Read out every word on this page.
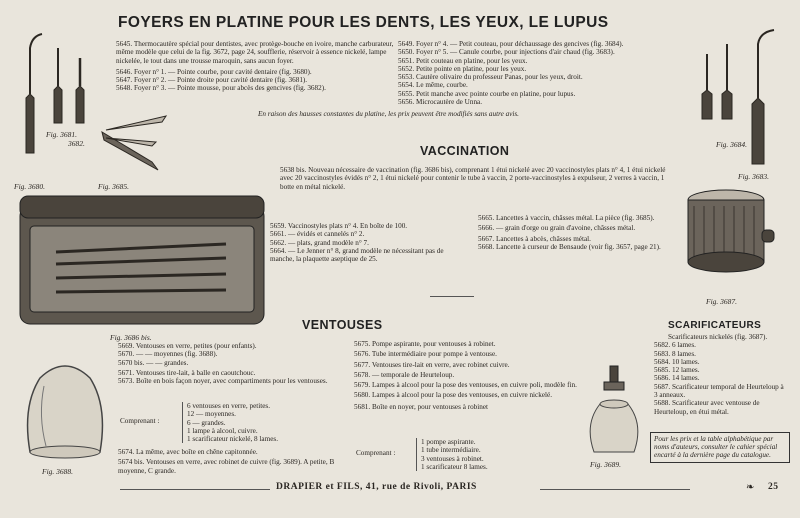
FOYERS EN PLATINE POUR LES DENTS, LES YEUX, LE LUPUS
Fig. 3681.
3682.
Fig. 3680.	Fig. 3685.

5645. Thermocautère spécial pour dentistes, avec protège-bouche en ivoire, manche carburateur, même modèle que celui de la fig. 3672, page 24, soufflerie, réservoir à essence nickelé, lampe nickelée, le tout dans une trousse maroquin, sans aucun foyer.

5646. Foyer n° 1. — Pointe courbe, pour cavité dentaire (fig. 3680).

5647. Foyer n° 2. — Pointe droite pour cavité dentaire (fig. 3681).

5648. Foyer n° 3. — Pointe mousse, pour abcès des gencives (fig. 3682).

5649. Foyer n° 4. — Petit couteau, pour déchaussage des gencives (fig. 3684).

5650. Foyer n° 5. — Canule courbe, pour injections d'air chaud (fig. 3683).

5651. Petit couteau en platine, pour les yeux.

5652. Petite pointe en platine, pour les yeux.

5653. Cautère olivaire du professeur Panas, pour les yeux, droit.

5654. Le même, courbe.

5655. Petit manche avec pointe courbe en platine, pour lupus.

5656. Microcautère de Unna.

En raison des hausses constantes du platine, les prix peuvent être modifiés sans autre avis.
Fig. 3684.
Fig. 3683.
VACCINATION
5638 bis. Nouveau nécessaire de vaccination (fig. 3686 bis), comprenant 1 étui nickelé avec 20 vaccinostyles plats n° 4, 1 étui nickelé avec 20 vaccinostyles évidés n° 2, 1 étui nickelé pour contenir le tube à vaccin, 2 porte-vaccinostyles à expulseur, 2 verres à vaccin, 1 botte en métal nickelé.
Fig. 3686 bis.

5659. Vaccinostyles plats n° 4. En boîte de 100.

5661. — évidés et cannelés n° 2.

5662. — plats, grand modèle n° 7.

5664. — Le Jenner n° 8, grand modèle ne nécessitant pas de manche, la plaquette aseptique de 25.

5665. Lancettes à vaccin, châsses métal. La pièce (fig. 3685).

5666. — grain d'orge ou grain d'avoine, châsses métal.

5667. Lancettes à abcès, châsses métal.

5668. Lancette à curseur de Bensaude (voir fig. 3657, page 21).

Fig. 3687.
VENTOUSES
Fig. 3688.

5669. Ventouses en verre, petites (pour enfants).

5670. — — moyennes (fig. 3688).

5670 bis. — — grandes.

5671. Ventouses tire-lait, à balle en caoutchouc.

5673. Boîte en bois façon noyer, avec compartiments pour les ventouses.

Comprenant :

6 ventouses en verre, petites.

12 — moyennes.

6 — grandes.

1 lampe à alcool, cuivre.

1 scarificateur nickelé, 8 lames.

5674. La même, avec boîte en chêne capitonnée.

5674 bis. Ventouses en verre, avec robinet de cuivre (fig. 3689). A petite, B moyenne, C grande.

5675. Pompe aspirante, pour ventouses à robinet.

5676. Tube intermédiaire pour pompe à ventouse.

5677. Ventouses tire-lait en verre, avec robinet cuivre.

5678. — temporale de Heurteloup.

5679. Lampes à alcool pour la pose des ventouses, en cuivre poli, modèle fin.

5680. Lampes à alcool pour la pose des ventouses, en cuivre nickelé.

5681. Boîte en noyer, pour ventouses à robinet

Comprenant :

1 pompe aspirante.

1 tube intermédiaire.

3 ventouses à robinet.

1 scarificateur 8 lames.	Fig. 3689.
SCARIFICATEURS

Scarificateurs nickelés (fig. 3687).

5682. 6 lames.

5683. 8 lames.

5684. 10 lames.

5685. 12 lames.

5686. 14 lames.

5687. Scarificateur temporal de Heurteloup à 3 anneaux.

5688. Scarificateur avec ventouse de Heurteloup, en étui métal.

Pour les prix et la table alphabétique par noms d'auteurs, consulter le cahier spécial encarté à la dernière page du catalogue.
DRAPIER et FILS, 41, rue de Rivoli, PARIS	❧ 25
